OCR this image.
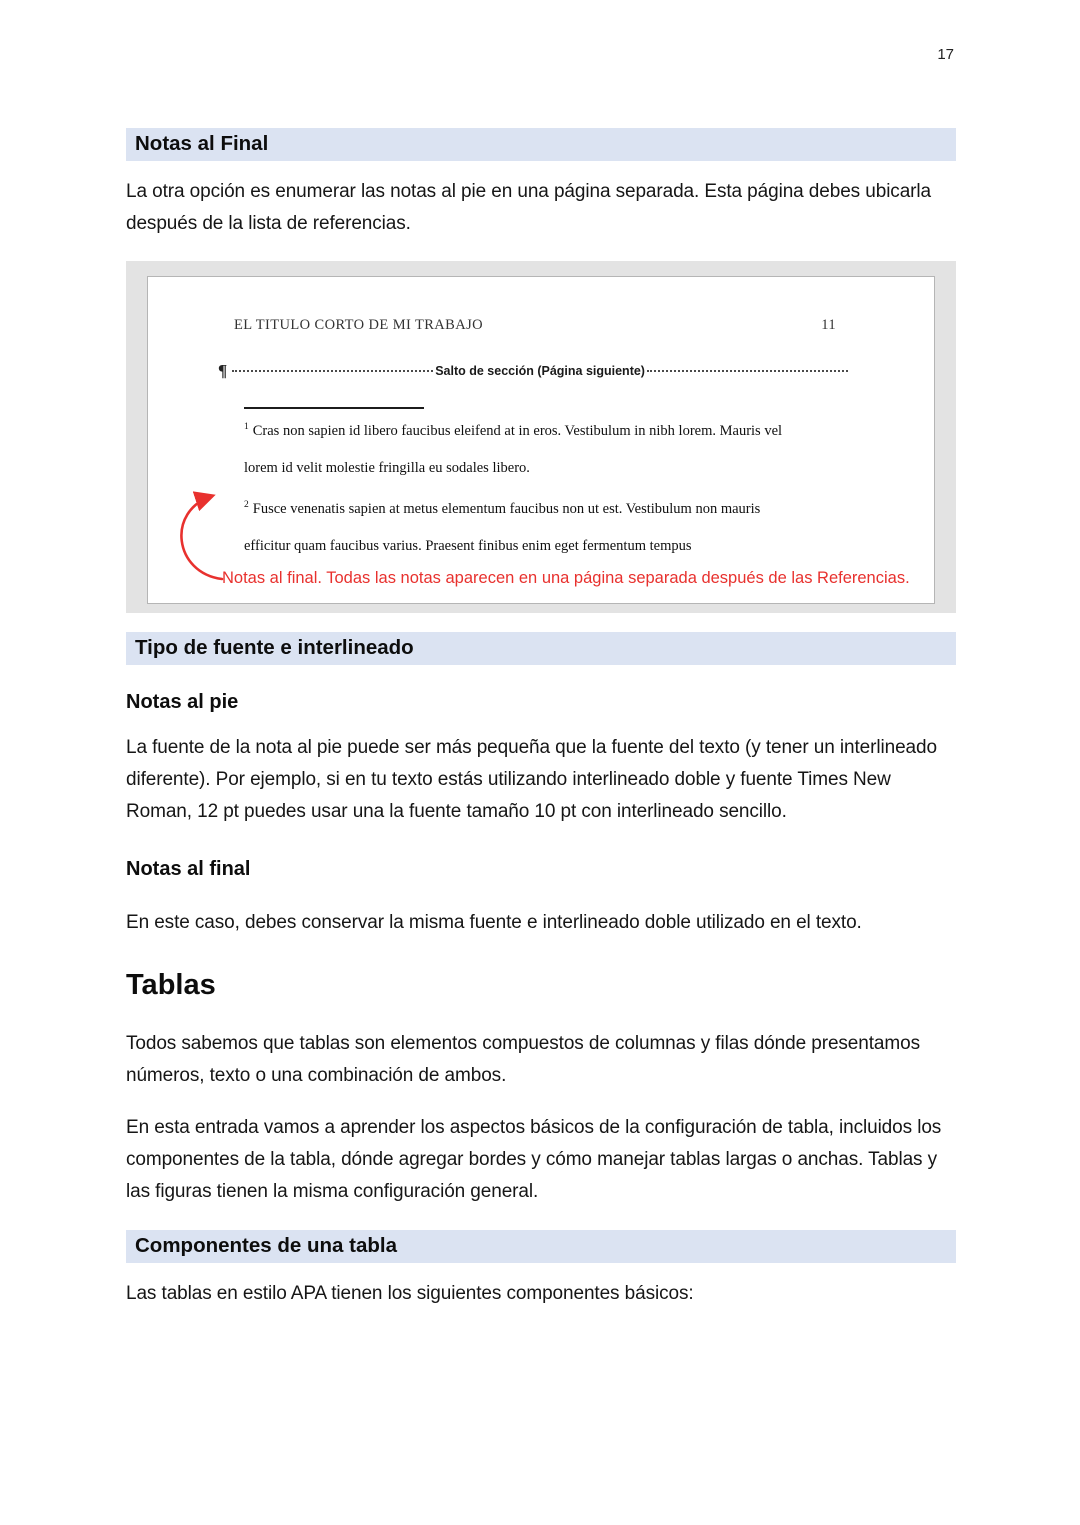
17
Notas al Final

La otra opción es enumerar las notas al pie en una página separada. Esta página debes ubicarla después de la lista de referencias.

EL TITULO CORTO DE MI TRABAJO	11
¶	Salto de sección (Página siguiente)
$^1$ Cras non sapien id libero faucibus eleifend at in eros. Vestibulum in nibh lorem. Mauris vel
lorem id velit molestie fringilla eu sodales libero.
$^2$ Fusce venenatis sapien at metus elementum faucibus non ut est. Vestibulum non mauris
efficitur quam faucibus varius. Praesent finibus enim eget fermentum tempus
Notas al final. Todas las notas aparecen en una página separada después de las Referencias.
Tipo de fuente e interlineado
Notas al pie

La fuente de la nota al pie puede ser más pequeña que la fuente del texto (y tener un interlineado diferente). Por ejemplo, si en tu texto estás utilizando interlineado doble y fuente Times New Roman, 12 pt puedes usar una la fuente tamaño 10 pt con interlineado sencillo.

Notas al final

En este caso, debes conservar la misma fuente e interlineado doble utilizado en el texto.

Tablas

Todos sabemos que tablas son elementos compuestos de columnas y filas dónde presentamos números, texto o una combinación de ambos.

En esta entrada vamos a aprender los aspectos básicos de la configuración de tabla, incluidos los componentes de la tabla, dónde agregar bordes y cómo manejar tablas largas o anchas. Tablas y las figuras tienen la misma configuración general.

Componentes de una tabla

Las tablas en estilo APA tienen los siguientes componentes básicos:
